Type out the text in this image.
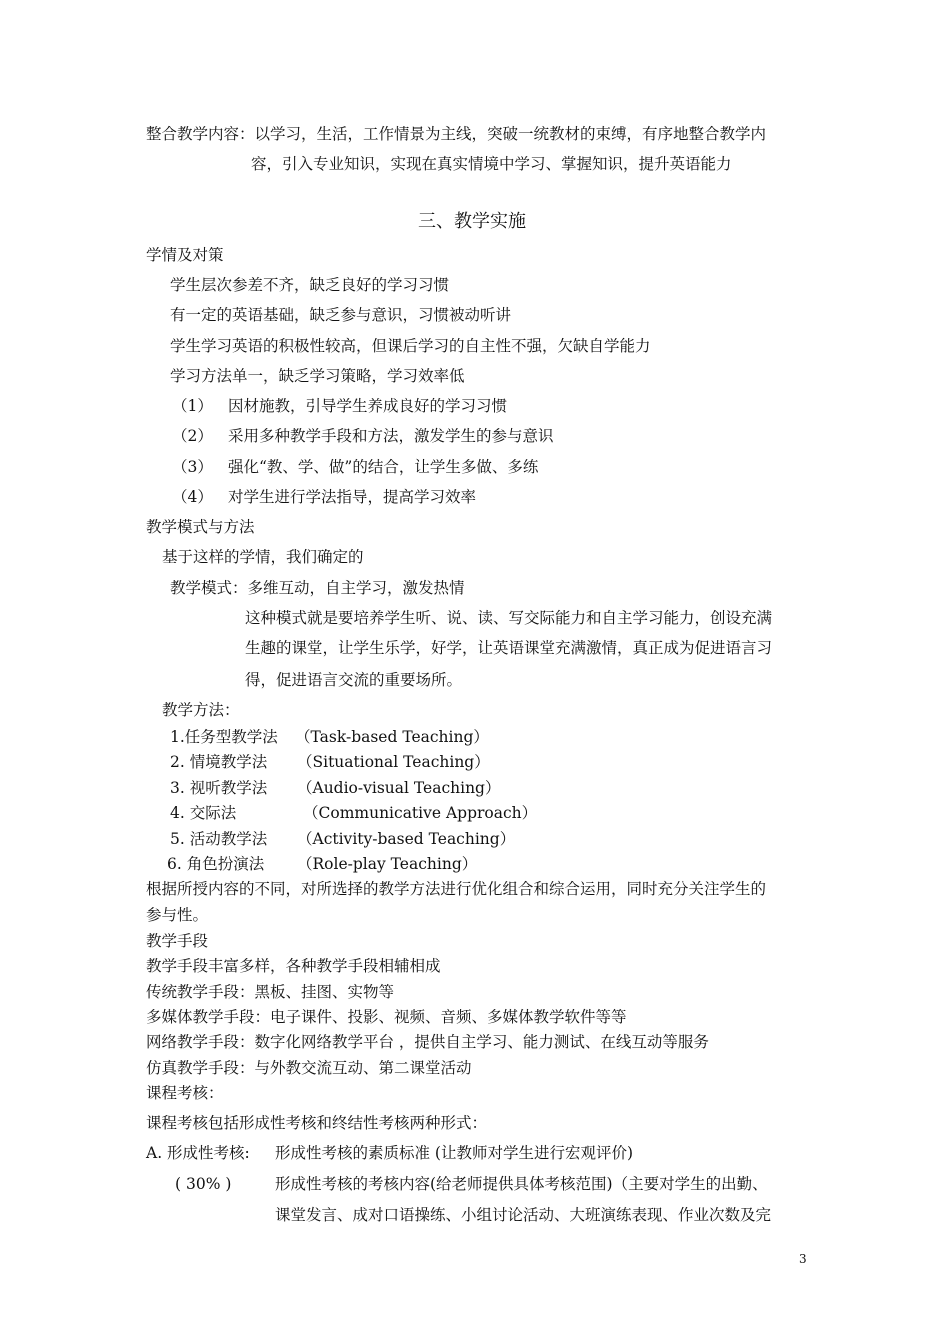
整合教学内容：以学习，生活，工作情景为主线，突破一统教材的束缚，有序地整合教学内
容，引入专业知识，实现在真实情境中学习、掌握知识，提升英语能力
三、教学实施
学情及对策
学生层次参差不齐，缺乏良好的学习习惯
有一定的英语基础，缺乏参与意识，习惯被动听讲
学生学习英语的积极性较高，但课后学习的自主性不强，欠缺自学能力
学习方法单一，缺乏学习策略，学习效率低
（1） 因材施教，引导学生养成良好的学习习惯
（2） 采用多种教学手段和方法，激发学生的参与意识
（3） 强化“教、学、做”的结合，让学生多做、多练
（4） 对学生进行学法指导，提高学习效率
教学模式与方法
基于这样的学情，我们确定的
教学模式：多维互动，自主学习，激发热情
这种模式就是要培养学生听、说、读、写交际能力和自主学习能力，创设充满
生趣的课堂，让学生乐学，好学，让英语课堂充满激情，真正成为促进语言习
得，促进语言交流的重要场所。
教学方法：
1.任务型教学法 （Task-based Teaching）
2. 情境教学法 （Situational Teaching）
3. 视听教学法 （Audio-visual Teaching）
4. 交际法	（Communicative Approach）
5. 活动教学法 （Activity-based Teaching）
6. 角色扮演法 （Role-play Teaching）
根据所授内容的不同，对所选择的教学方法进行优化组合和综合运用，同时充分关注学生的
参与性。
教学手段
教学手段丰富多样，各种教学手段相辅相成
传统教学手段：黑板、挂图、实物等
多媒体教学手段：电子课件、投影、视频、音频、多媒体教学软件等等
网络教学手段：数字化网络教学平台 ，提供自主学习、能力测试、在线互动等服务
仿真教学手段：与外教交流互动、第二课堂活动
课程考核：
课程考核包括形成性考核和终结性考核两种形式：
A. 形成性考核: 形成性考核的素质标准 (让教师对学生进行宏观评价)
( 30% )	形成性考核的考核内容(给老师提供具体考核范围)（主要对学生的出勤、
课堂发言、成对口语操练、小组讨论活动、大班演练表现、作业次数及完
3
